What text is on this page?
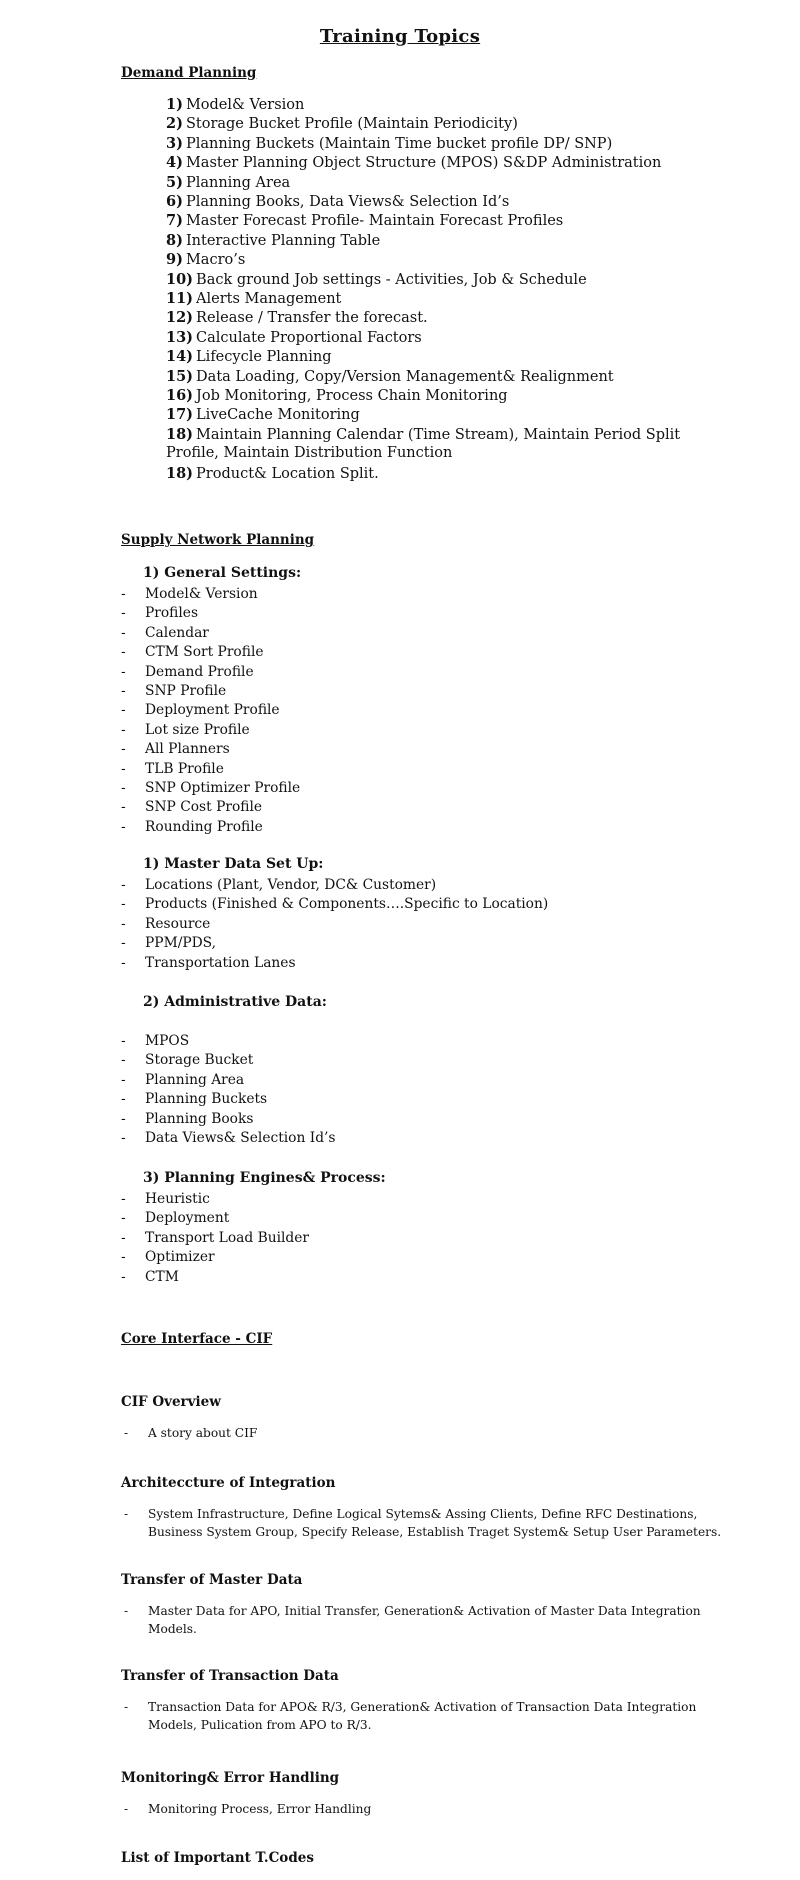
Training Topics
Demand Planning
1) Model& Version
2) Storage Bucket Profile (Maintain Periodicity)
3) Planning Buckets (Maintain Time bucket profile DP/ SNP)
4) Master Planning Object Structure (MPOS) S&DP Administration
5) Planning Area
6) Planning Books, Data Views& Selection Id’s
7) Master Forecast Profile- Maintain Forecast Profiles
8) Interactive Planning Table
9) Macro’s
10) Back ground Job settings - Activities, Job & Schedule
11) Alerts Management
12) Release / Transfer the forecast.
13) Calculate Proportional Factors
14) Lifecycle Planning
15) Data Loading, Copy/Version Management& Realignment
16) Job Monitoring, Process Chain Monitoring
17) LiveCache Monitoring
18) Maintain Planning Calendar (Time Stream), Maintain Period Split
Profile, Maintain Distribution Function
18) Product& Location Split.
Supply Network Planning
1) General Settings:
- Model& Version
- Profiles
- Calendar
- CTM Sort Profile
- Demand Profile
- SNP Profile
- Deployment Profile
- Lot size Profile
- All Planners
- TLB Profile
- SNP Optimizer Profile
- SNP Cost Profile
- Rounding Profile
1) Master Data Set Up:
- Locations (Plant, Vendor, DC& Customer)
- Products (Finished & Components….Specific to Location)
- Resource
- PPM/PDS,
- Transportation Lanes
2) Administrative Data:
- MPOS
- Storage Bucket
- Planning Area
- Planning Buckets
- Planning Books
- Data Views& Selection Id’s
3) Planning Engines& Process:
- Heuristic
- Deployment
- Transport Load Builder
- Optimizer
- CTM
Core Interface - CIF
CIF Overview
- A story about CIF
Architeccture of Integration
- System Infrastructure, Define Logical Sytems& Assing Clients, Define RFC Destinations,
Business System Group, Specify Release, Establish Traget System& Setup User Parameters.
Transfer of Master Data
- Master Data for APO, Initial Transfer, Generation& Activation of Master Data Integration
Models.
Transfer of Transaction Data
- Transaction Data for APO& R/3, Generation& Activation of Transaction Data Integration
Models, Pulication from APO to R/3.
Monitoring& Error Handling
- Monitoring Process, Error Handling
List of Important T.Codes
